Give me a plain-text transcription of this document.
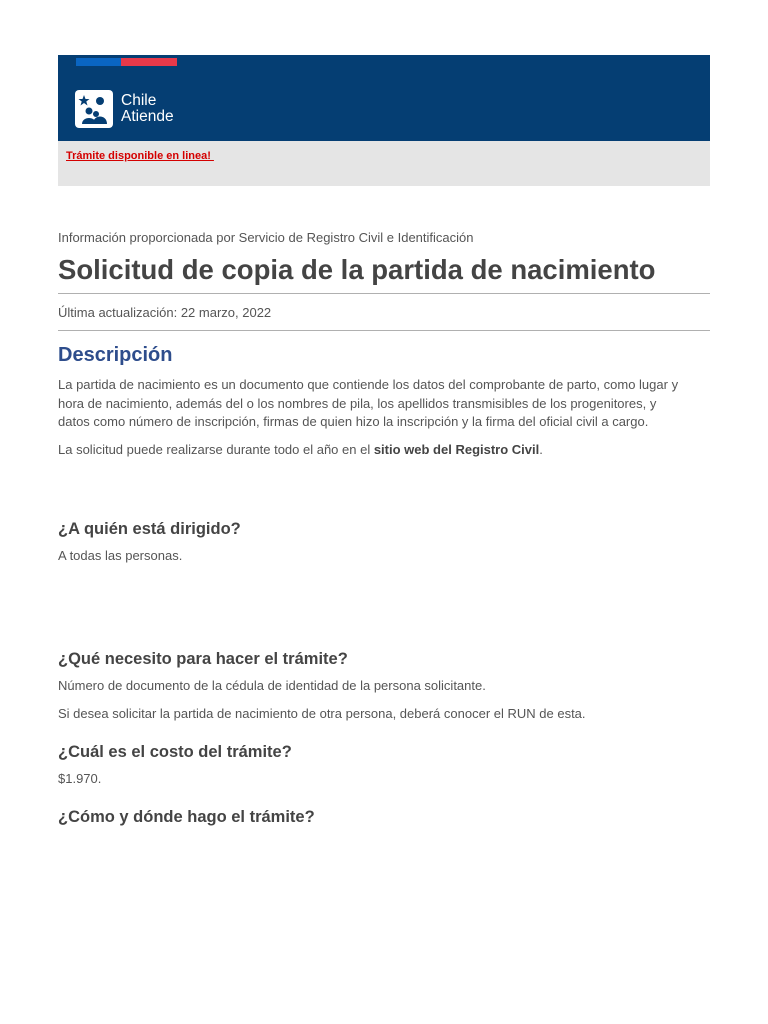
Chile
Atiende
Trámite disponible en linea!
Información proporcionada por Servicio de Registro Civil e Identificación
Solicitud de copia de la partida de nacimiento
Última actualización: 22 marzo, 2022
Descripción
La partida de nacimiento es un documento que contiende los datos del comprobante de parto, como lugar y
hora de nacimiento, además del o los nombres de pila, los apellidos transmisibles de los progenitores, y
datos como número de inscripción, firmas de quien hizo la inscripción y la firma del oficial civil a cargo.
La solicitud puede realizarse durante todo el año en el sitio web del Registro Civil.
¿A quién está dirigido?

A todas las personas.

¿Qué necesito para hacer el trámite?

Número de documento de la cédula de identidad de la persona solicitante.

Si desea solicitar la partida de nacimiento de otra persona, deberá conocer el RUN de esta.

¿Cuál es el costo del trámite?

$1.970.

¿Cómo y dónde hago el trámite?
